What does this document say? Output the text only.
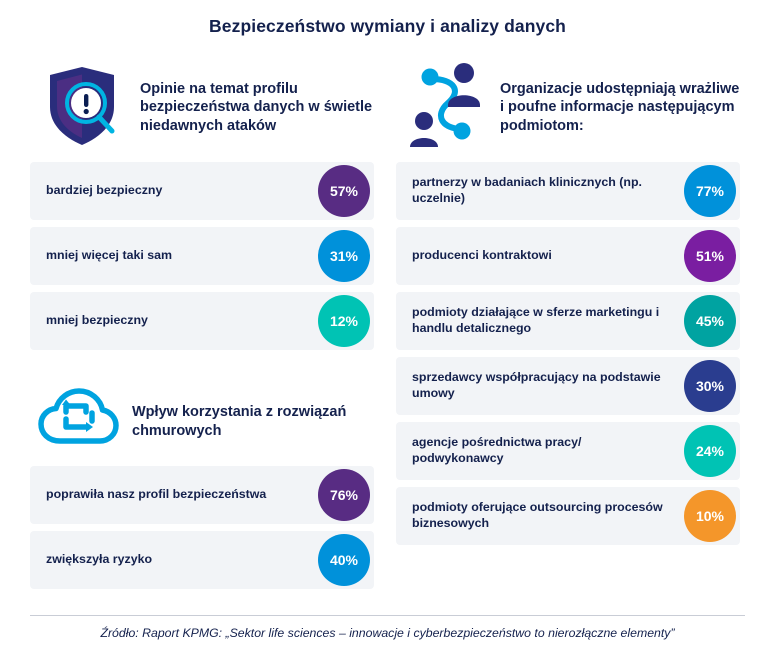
Bezpieczeństwo wymiany i analizy danych
Opinie na temat profilu bezpieczeństwa danych w świetle niedawnych ataków
bardziej bezpieczny	57%
mniej więcej taki sam	31%
mniej bezpieczny	12%
Wpływ korzystania z rozwiązań chmurowych
poprawiła nasz profil bezpieczeństwa	76%
zwiększyła ryzyko	40%
Organizacje udostępniają wrażliwe i poufne informacje następującym podmiotom:
partnerzy w badaniach klinicznych (np. uczelnie)	77%
producenci kontraktowi	51%
podmioty działające w sferze marketingu i handlu detalicznego	45%
sprzedawcy współpracujący na podstawie umowy	30%
agencje pośrednictwa pracy/ podwykonawcy	24%
podmioty oferujące outsourcing procesów biznesowych	10%
Źródło: Raport KPMG: „Sektor life sciences – innowacje i cyberbezpieczeństwo to nierozłączne elementy”
